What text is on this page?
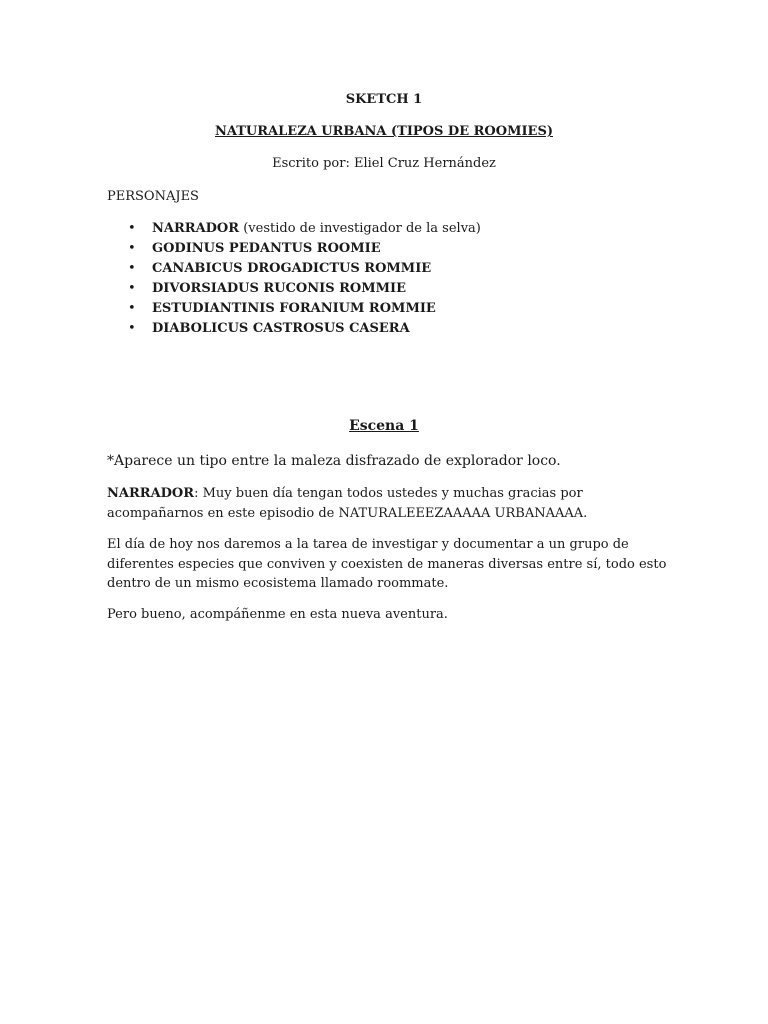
SKETCH 1
NATURALEZA URBANA (TIPOS DE ROOMIES)
Escrito por: Eliel Cruz Hernández
PERSONAJES
• NARRADOR (vestido de investigador de la selva)
• GODINUS PEDANTUS ROOMIE
• CANABICUS DROGADICTUS ROMMIE
• DIVORSIADUS RUCONIS ROMMIE
• ESTUDIANTINIS FORANIUM ROMMIE
• DIABOLICUS CASTROSUS CASERA
Escena 1
*Aparece un tipo entre la maleza disfrazado de explorador loco.
NARRADOR: Muy buen día tengan todos ustedes y muchas gracias por acompañarnos en este episodio de NATURALEEEZAAAAA URBANAAAA.
El día de hoy nos daremos a la tarea de investigar y documentar a un grupo de diferentes especies que conviven y coexisten de maneras diversas entre sí, todo esto dentro de un mismo ecosistema llamado roommate.
Pero bueno, acompáñenme en esta nueva aventura.
